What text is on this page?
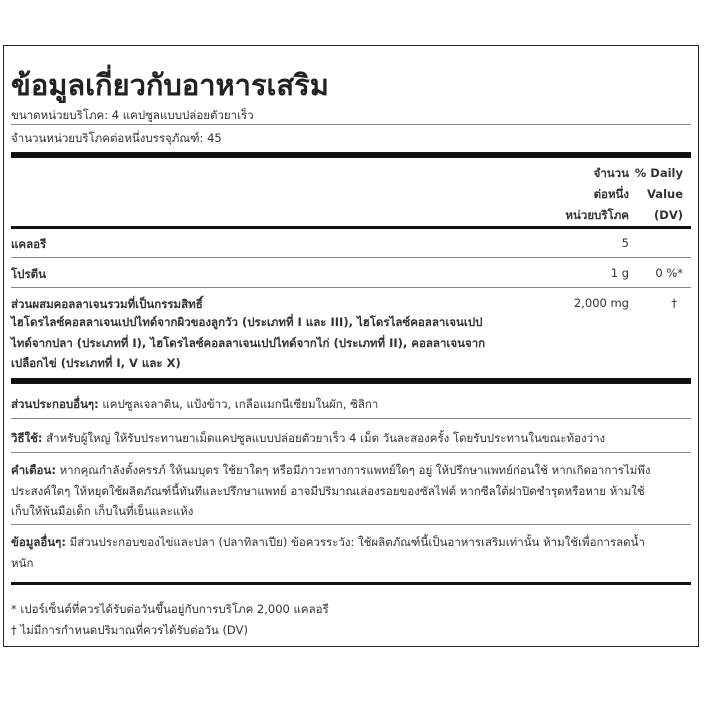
ข้อมูลเกี่ยวกับอาหารเสริม
ขนาดหน่วยบริโภค: 4 แคปซูลแบบปล่อยตัวยาเร็ว
จำนวนหน่วยบริโภคต่อหนึ่งบรรจุภัณฑ์: 45
จำนวน
ต่อหนึ่ง
หน่วยบริโภค
% Daily
Value
(DV)
แคลอรี	5
โปรตีน	1 g 0 %*
ส่วนผสมคอลลาเจนรวมที่เป็นกรรมสิทธิ์	2,000 mg	†
ไฮโดรไลซ์คอลลาเจนเปปไทด์จากผิวของลูกวัว (ประเภทที่ I และ III), ไฮโดรไลซ์คอลลาเจนเปป
ไทด์จากปลา (ประเภทที่ I), ไฮโดรไลซ์คอลลาเจนเปปไทด์จากไก่ (ประเภทที่ II), คอลลาเจนจาก
เปลือกไข่ (ประเภทที่ I, V และ X)
ส่วนประกอบอื่นๆ: แคปซูลเจลาติน, แป้งข้าว, เกลือแมกนีเซียมในผัก, ซิลิกา
วิธีใช้: สำหรับผู้ใหญ่ ให้รับประทานยาเม็ดแคปซูลแบบปล่อยตัวยาเร็ว 4 เม็ด วันละสองครั้ง โดยรับประทานในขณะท้องว่าง
คำเตือน: หากคุณกำลังตั้งครรภ์ ให้นมบุตร ใช้ยาใดๆ หรือมีภาวะทางการแพทย์ใดๆ อยู่ ให้ปรึกษาแพทย์ก่อนใช้ หากเกิดอาการไม่พึง
ประสงค์ใดๆ ให้หยุดใช้ผลิตภัณฑ์นี้ทันทีและปรึกษาแพทย์ อาจมีปริมาณเล่องรอยของซัลไฟต์ หากซีลใต้ฝาปิดชำรุดหรือหาย ห้ามใช้
เก็บให้พ้นมือเด็ก เก็บในที่เย็นและแห้ง
ข้อมูลอื่นๆ: มีส่วนประกอบของไข่และปลา (ปลาทิลาเปีย) ข้อควรระวัง: ใช้ผลิตภัณฑ์นี้เป็นอาหารเสริมเท่านั้น ห้ามใช้เพื่อการลดน้ำ
หนัก
* เปอร์เซ็นต์ที่ควรได้รับต่อวันขึ้นอยู่กับการบริโภค 2,000 แคลอรี
† ไม่มีการกำหนดปริมาณที่ควรได้รับต่อวัน (DV)
